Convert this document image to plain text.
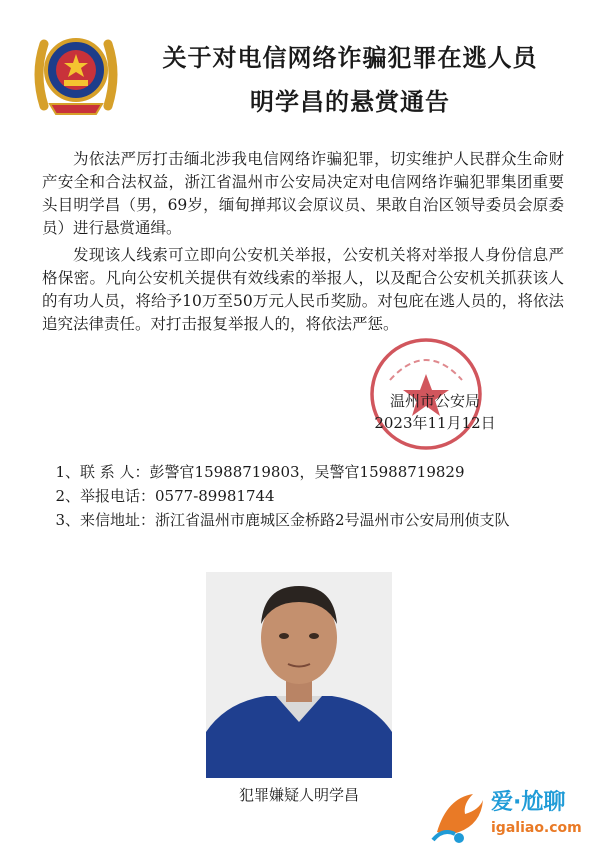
关于对电信网络诈骗犯罪在逃人员
明学昌的悬赏通告

为依法严厉打击缅北涉我电信网络诈骗犯罪，切实维护人民群众生命财产安全和合法权益，浙江省温州市公安局决定对电信网络诈骗犯罪集团重要头目明学昌（男，69岁，缅甸掸邦议会原议员、果敢自治区领导委员会原委员）进行悬赏通缉。

发现该人线索可立即向公安机关举报，公安机关将对举报人身份信息严格保密。凡向公安机关提供有效线索的举报人，以及配合公安机关抓获该人的有功人员，将给予10万至50万元人民币奖励。对包庇在逃人员的，将依法追究法律责任。对打击报复举报人的，将依法严惩。

温州市公安局
2023年11月12日
1、 联 系 人： 彭警官15988719803，吴警官15988719829
2、 举报电话： 0577-89981744
3、 来信地址： 浙江省温州市鹿城区金桥路2号温州市公安局刑侦支队
犯罪嫌疑人明学昌	爱·尬聊
igaliao.com
